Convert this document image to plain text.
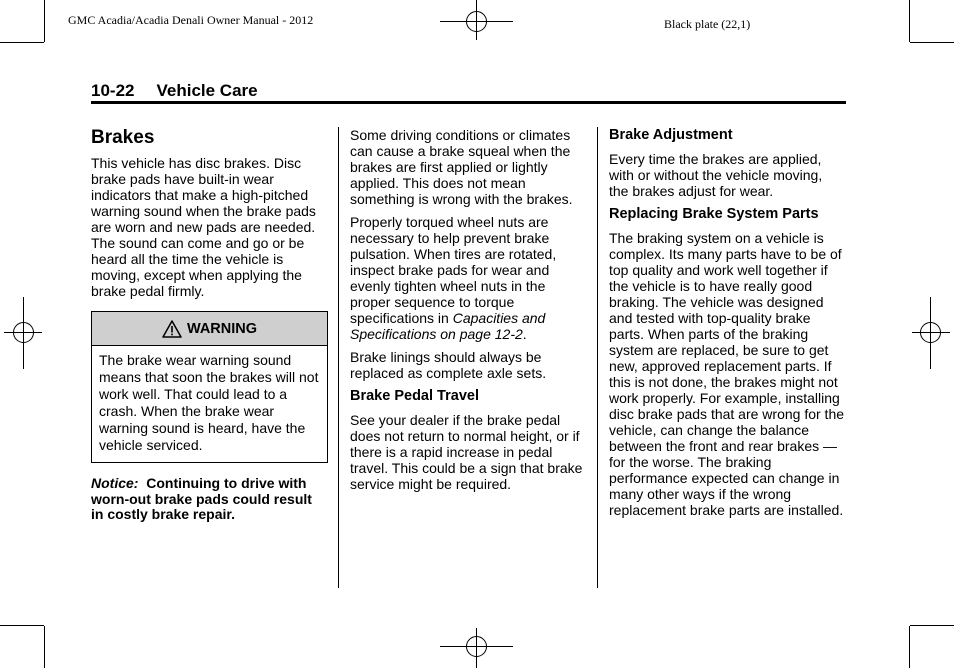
GMC Acadia/Acadia Denali Owner Manual - 2012	Black plate (22,1)
10-22 Vehicle Care
Brakes

This vehicle has disc brakes. Disc brake pads have built-in wear indicators that make a high-pitched warning sound when the brake pads are worn and new pads are needed. The sound can come and go or be heard all the time the vehicle is moving, except when applying the brake pedal firmly.

WARNING
The brake wear warning sound means that soon the brakes will not work well. That could lead to a crash. When the brake wear warning sound is heard, have the vehicle serviced.
Notice: Continuing to drive with worn-out brake pads could result in costly brake repair.

Some driving conditions or climates can cause a brake squeal when the brakes are first applied or lightly applied. This does not mean something is wrong with the brakes.

Properly torqued wheel nuts are necessary to help prevent brake pulsation. When tires are rotated, inspect brake pads for wear and evenly tighten wheel nuts in the proper sequence to torque specifications in Capacities and Specifications on page 12-2.

Brake linings should always be replaced as complete axle sets.

Brake Pedal Travel

See your dealer if the brake pedal does not return to normal height, or if there is a rapid increase in pedal travel. This could be a sign that brake service might be required.

Brake Adjustment

Every time the brakes are applied, with or without the vehicle moving, the brakes adjust for wear.

Replacing Brake System Parts

The braking system on a vehicle is complex. Its many parts have to be of top quality and work well together if the vehicle is to have really good braking. The vehicle was designed and tested with top-quality brake parts. When parts of the braking system are replaced, be sure to get new, approved replacement parts. If this is not done, the brakes might not work properly. For example, installing disc brake pads that are wrong for the vehicle, can change the balance between the front and rear brakes — for the worse. The braking performance expected can change in many other ways if the wrong replacement brake parts are installed.
